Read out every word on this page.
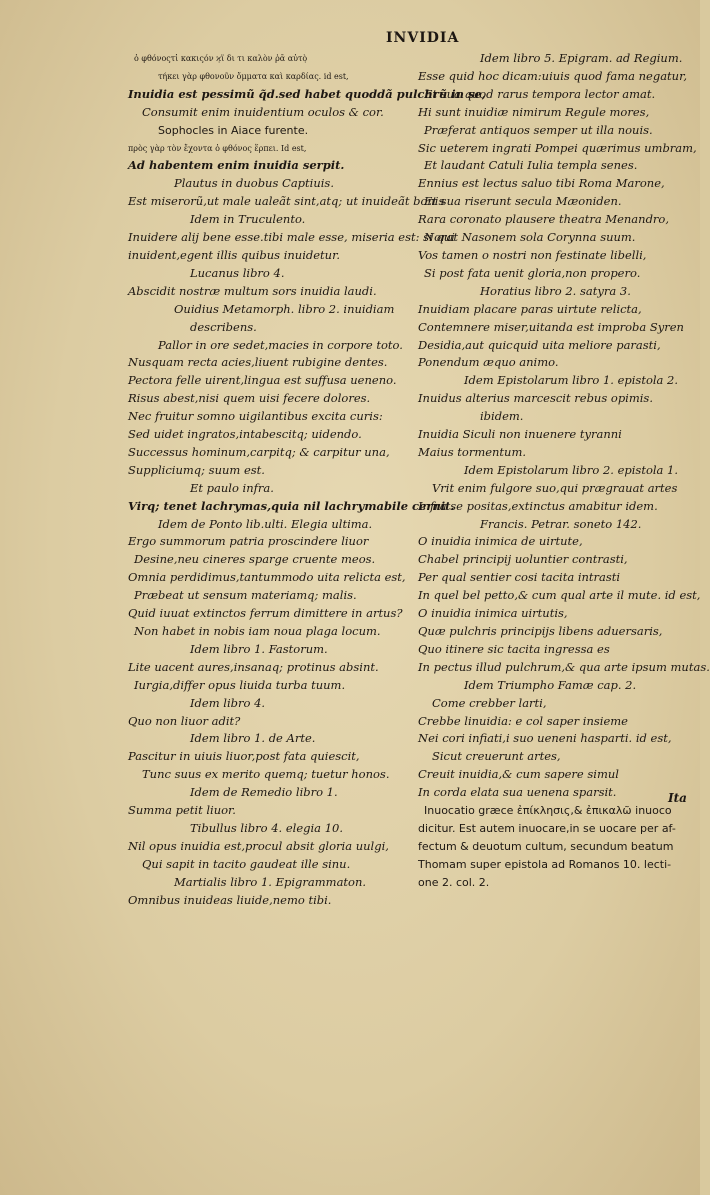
INVIDIA
ὁ φθόνοςτἰ κακιςόν ϰ̣ϊ δι τι καλὸν ῥᾱ αὐτὸ̣
τήκει γὰρ φθονοῦν ὄμματα καὶ καρδίας. id est,
Inuidia est pessimũ q̃d.sed habet quoddã pulchrũ in se,
Consumit enim inuidentium oculos & cor.
Sophocles in Aiace furente.
πρὸς γὰρ τὸν ἔχοντα ὁ φθόνος ἕρπει. Id est,
Ad habentem enim inuidia serpit.
Plautus in duobus Captiuis.
Est miserorũ,ut male ualeãt sint,atq; ut inuideãt bonis
Idem in Truculento.
Inuidere alij bene esse.tibi male esse, miseria est: si qui
inuident,egent illis quibus inuidetur.
Lucanus libro 4.
Abscidit nostræ multum sors inuidia laudi.
Ouidius Metamorph. libro 2. inuidiam
describens.
Pallor in ore sedet,macies in corpore toto.
Nusquam recta acies,liuent rubigine dentes.
Pectora felle uirent,lingua est suffusa ueneno.
Risus abest,nisi quem uisi fecere dolores.
Nec fruitur somno uigilantibus excita curis:
Sed uidet ingratos,intabescitq; uidendo.
Successus hominum,carpitq; & carpitur una,
Suppliciumq; suum est.
Et paulo infra.
Virq; tenet lachrymas,quia nil lachrymabile cernit.
Idem de Ponto lib.ulti. Elegia ultima.
Ergo summorum patria proscindere liuor
Desine,neu cineres sparge cruente meos.
Omnia perdidimus,tantummodo uita relicta est,
Præbeat ut sensum materiamq; malis.
Quid iuuat extinctos ferrum dimittere in artus?
Non habet in nobis iam noua plaga locum.
Idem libro 1. Fastorum.
Lite uacent aures,insanaq; protinus absint.
Iurgia,differ opus liuida turba tuum.
Idem libro 4.
Quo non liuor adit?
Idem libro 1. de Arte.
Pascitur in uiuis liuor,post fata quiescit,
Tunc suus ex merito quemq; tuetur honos.
Idem de Remedio libro 1.
Summa petit liuor.
Tibullus libro 4. elegia 10.
Nil opus inuidia est,procul absit gloria uulgi,
Qui sapit in tacito gaudeat ille sinu.
Martialis libro 1. Epigrammaton.
Omnibus inuideas liuide,nemo tibi.
Idem libro 5. Epigram. ad Regium.
Esse quid hoc dicam:uiuis quod fama negatur,
Et sua quod rarus tempora lector amat.
Hi sunt inuidiæ nimirum Regule mores,
Præferat antiquos semper ut illa nouis.
Sic ueterem ingrati Pompei quærimus umbram,
Et laudant Catuli Iulia templa senes.
Ennius est lectus saluo tibi Roma Marone,
Et sua riserunt secula Mæoniden.
Rara coronato plausere theatra Menandro,
Norat Nasonem sola Corynna suum.
Vos tamen o nostri non festinate libelli,
Si post fata uenit gloria,non propero.
Horatius libro 2. satyra 3.
Inuidiam placare paras uirtute relicta,
Contemnere miser,uitanda est improba Syren
Desidia,aut quicquid uita meliore parasti,
Ponendum æquo animo.
Idem Epistolarum libro 1. epistola 2.
Inuidus alterius marcescit rebus opimis.
ibidem.
Inuidia Siculi non inuenere tyranni
Maius tormentum.
Idem Epistolarum libro 2. epistola 1.
Vrit enim fulgore suo,qui prægrauat artes
Infra se positas,extinctus amabitur idem.
Francis. Petrar. soneto 142.
O inuidia inimica de uirtute,
Chabel principij uoluntier contrasti,
Per qual sentier cosi tacita intrasti
In quel bel petto,& cum qual arte il mute. id est,
O inuidia inimica uirtutis,
Quæ pulchris principijs libens aduersaris,
Quo itinere sic tacita ingressa es
In pectus illud pulchrum,& qua arte ipsum mutas.
Idem Triumpho Famæ cap. 2.
Come crebber larti,
Crebbe linuidia: e col saper insieme
Nei cori infiati,i suo ueneni hasparti. id est,
Sicut creuerunt artes,
Creuit inuidia,& cum sapere simul
In corda elata sua uenena sparsit.
Inuocatio græce ἐπίκλησις,& ἐπικαλῶ inuoco
dicitur. Est autem inuocare,in se uocare per af-
fectum & deuotum cultum, secundum beatum
Thomam super epistola ad Romanos 10. lecti-
one 2. col. 2.
Ita
